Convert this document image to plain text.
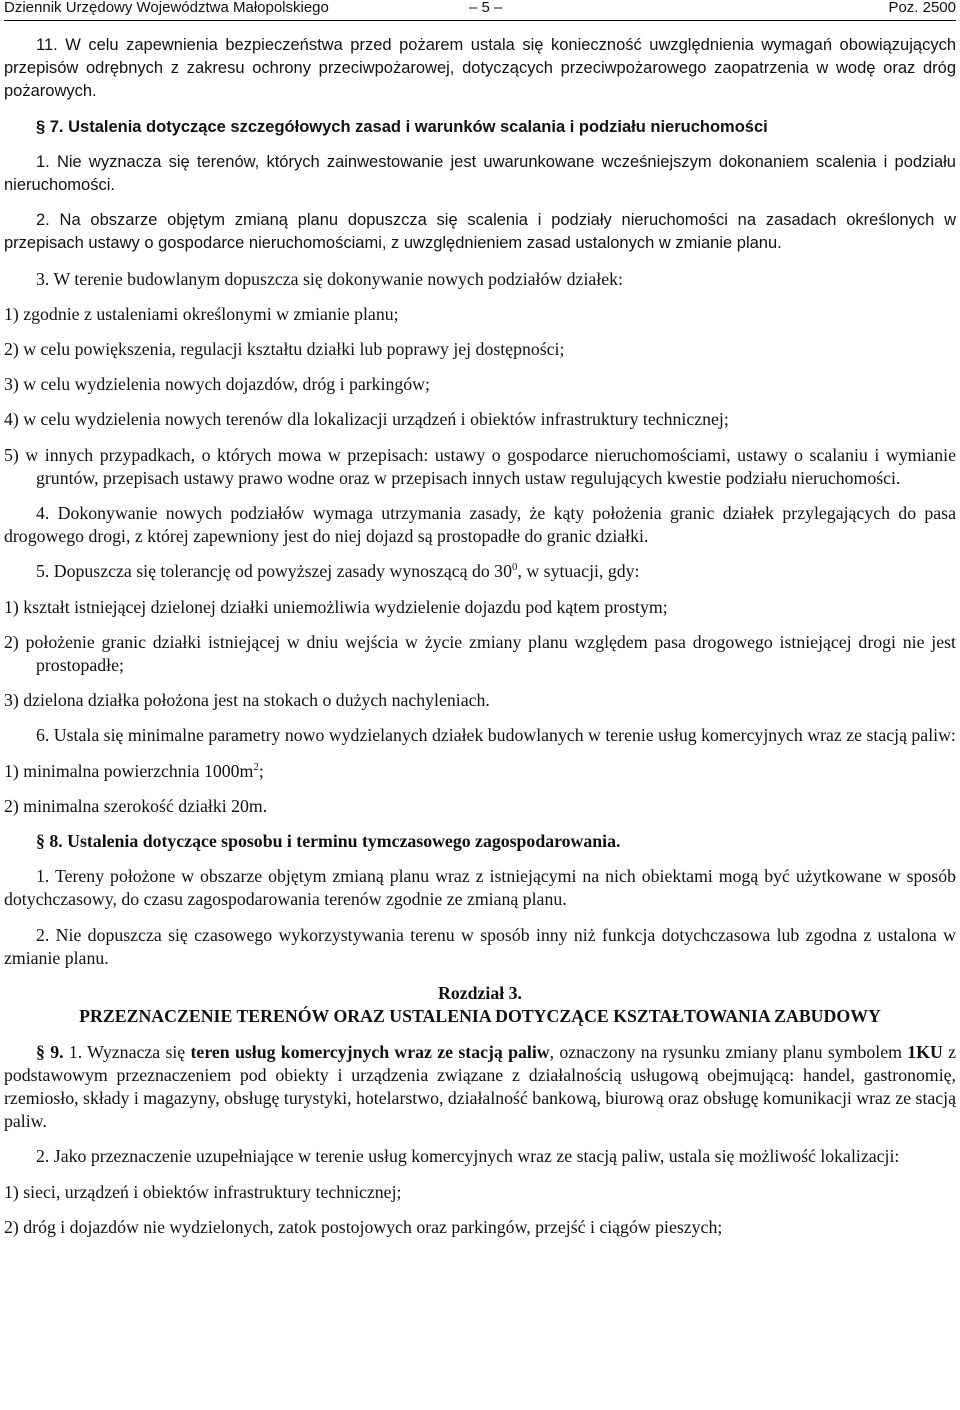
Dziennik Urzędowy Województwa Małopolskiego	– 5 –	Poz. 2500

11. W celu zapewnienia bezpieczeństwa przed pożarem ustala się konieczność uwzględnienia wymagań obowiązujących przepisów odrębnych z zakresu ochrony przeciwpożarowej, dotyczących przeciwpożarowego zaopatrzenia w wodę oraz dróg pożarowych.

§ 7. Ustalenia dotyczące szczegółowych zasad i warunków scalania i podziału nieruchomości

1. Nie wyznacza się terenów, których zainwestowanie jest uwarunkowane wcześniejszym dokonaniem scalenia i podziału nieruchomości.

2. Na obszarze objętym zmianą planu dopuszcza się scalenia i podziały nieruchomości na zasadach określonych w przepisach ustawy o gospodarce nieruchomościami, z uwzględnieniem zasad ustalonych w zmianie planu.

3. W terenie budowlanym dopuszcza się dokonywanie nowych podziałów działek:

1) zgodnie z ustaleniami określonymi w zmianie planu;

2) w celu powiększenia, regulacji kształtu działki lub poprawy jej dostępności;

3) w celu wydzielenia nowych dojazdów, dróg i parkingów;

4) w celu wydzielenia nowych terenów dla lokalizacji urządzeń i obiektów infrastruktury technicznej;

5) w innych przypadkach, o których mowa w przepisach: ustawy o gospodarce nieruchomościami, ustawy o scalaniu i wymianie gruntów, przepisach ustawy prawo wodne oraz w przepisach innych ustaw regulujących kwestie podziału nieruchomości.

4. Dokonywanie nowych podziałów wymaga utrzymania zasady, że kąty położenia granic działek przylegających do pasa drogowego drogi, z której zapewniony jest do niej dojazd są prostopadłe do granic działki.

5. Dopuszcza się tolerancję od powyższej zasady wynoszącą do $30^0$, w sytuacji, gdy:

1) kształt istniejącej dzielonej działki uniemożliwia wydzielenie dojazdu pod kątem prostym;

2) położenie granic działki istniejącej w dniu wejścia w życie zmiany planu względem pasa drogowego istniejącej drogi nie jest prostopadłe;

3) dzielona działka położona jest na stokach o dużych nachyleniach.

6. Ustala się minimalne parametry nowo wydzielanych działek budowlanych w terenie usług komercyjnych wraz ze stacją paliw:

1) minimalna powierzchnia $1000m^2$;

2) minimalna szerokość działki 20m.

§ 8. Ustalenia dotyczące sposobu i terminu tymczasowego zagospodarowania.

1. Tereny położone w obszarze objętym zmianą planu wraz z istniejącymi na nich obiektami mogą być użytkowane w sposób dotychczasowy, do czasu zagospodarowania terenów zgodnie ze zmianą planu.

2. Nie dopuszcza się czasowego wykorzystywania terenu w sposób inny niż funkcja dotychczasowa lub zgodna z ustalona w zmianie planu.

Rozdział 3.

PRZEZNACZENIE TERENÓW ORAZ USTALENIA DOTYCZĄCE KSZTAŁTOWANIA ZABUDOWY

§ 9. 1. Wyznacza się teren usług komercyjnych wraz ze stacją paliw, oznaczony na rysunku zmiany planu symbolem 1KU z podstawowym przeznaczeniem pod obiekty i urządzenia związane z działalnością usługową obejmującą: handel, gastronomię, rzemiosło, składy i magazyny, obsługę turystyki, hotelarstwo, działalność bankową, biurową oraz obsługę komunikacji wraz ze stacją paliw.

2. Jako przeznaczenie uzupełniające w terenie usług komercyjnych wraz ze stacją paliw, ustala się możliwość lokalizacji:

1) sieci, urządzeń i obiektów infrastruktury technicznej;

2) dróg i dojazdów nie wydzielonych, zatok postojowych oraz parkingów, przejść i ciągów pieszych;
